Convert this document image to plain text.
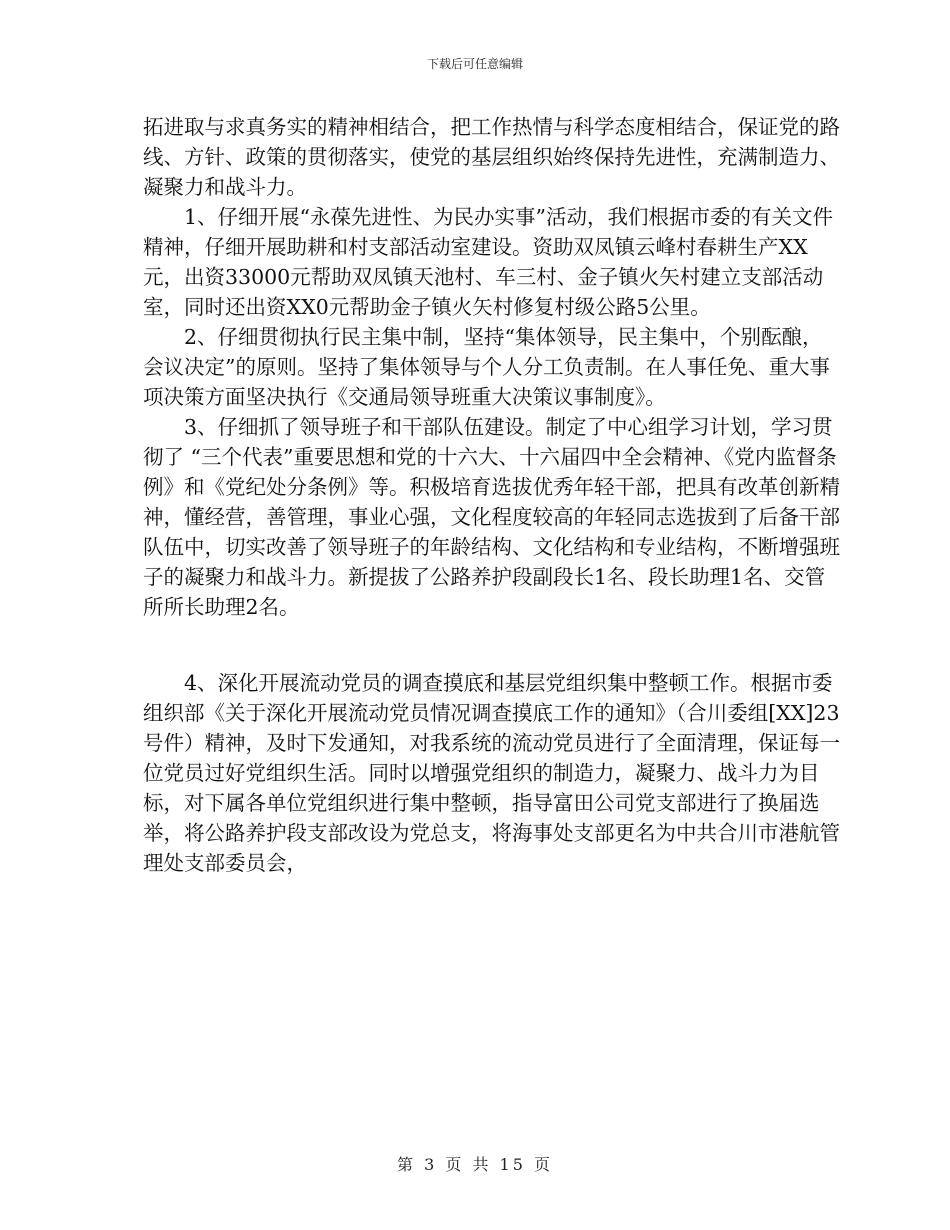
下载后可任意编辑

拓进取与求真务实的精神相结合，把工作热情与科学态度相结合，保证党的路线、方针、政策的贯彻落实，使党的基层组织始终保持先进性，充满制造力、凝聚力和战斗力。

1、仔细开展“永葆先进性、为民办实事”活动，我们根据市委的有关文件精神，仔细开展助耕和村支部活动室建设。资助双凤镇云峰村春耕生产XX元，出资33000元帮助双凤镇天池村、车三村、金子镇火矢村建立支部活动室，同时还出资XX0元帮助金子镇火矢村修复村级公路5公里。

2、仔细贯彻执行民主集中制，坚持“集体领导，民主集中，个别酝酿，会议决定”的原则。坚持了集体领导与个人分工负责制。在人事任免、重大事项决策方面坚决执行《交通局领导班重大决策议事制度》。

3、仔细抓了领导班子和干部队伍建设。制定了中心组学习计划，学习贯彻了 “三个代表”重要思想和党的十六大、十六届四中全会精神、《党内监督条例》和《党纪处分条例》等。积极培育选拔优秀年轻干部，把具有改革创新精神，懂经营，善管理，事业心强，文化程度较高的年轻同志选拔到了后备干部队伍中，切实改善了领导班子的年龄结构、文化结构和专业结构，不断增强班子的凝聚力和战斗力。新提拔了公路养护段副段长1名、段长助理1名、交管所所长助理2名。

4、深化开展流动党员的调查摸底和基层党组织集中整顿工作。根据市委组织部《关于深化开展流动党员情况调查摸底工作的通知》（合川委组[XX]23号件）精神，及时下发通知，对我系统的流动党员进行了全面清理，保证每一位党员过好党组织生活。同时以增强党组织的制造力，凝聚力、战斗力为目标，对下属各单位党组织进行集中整顿，指导富田公司党支部进行了换届选举，将公路养护段支部改设为党总支，将海事处支部更名为中共合川市港航管理处支部委员会，

第 3 页 共 15 页
